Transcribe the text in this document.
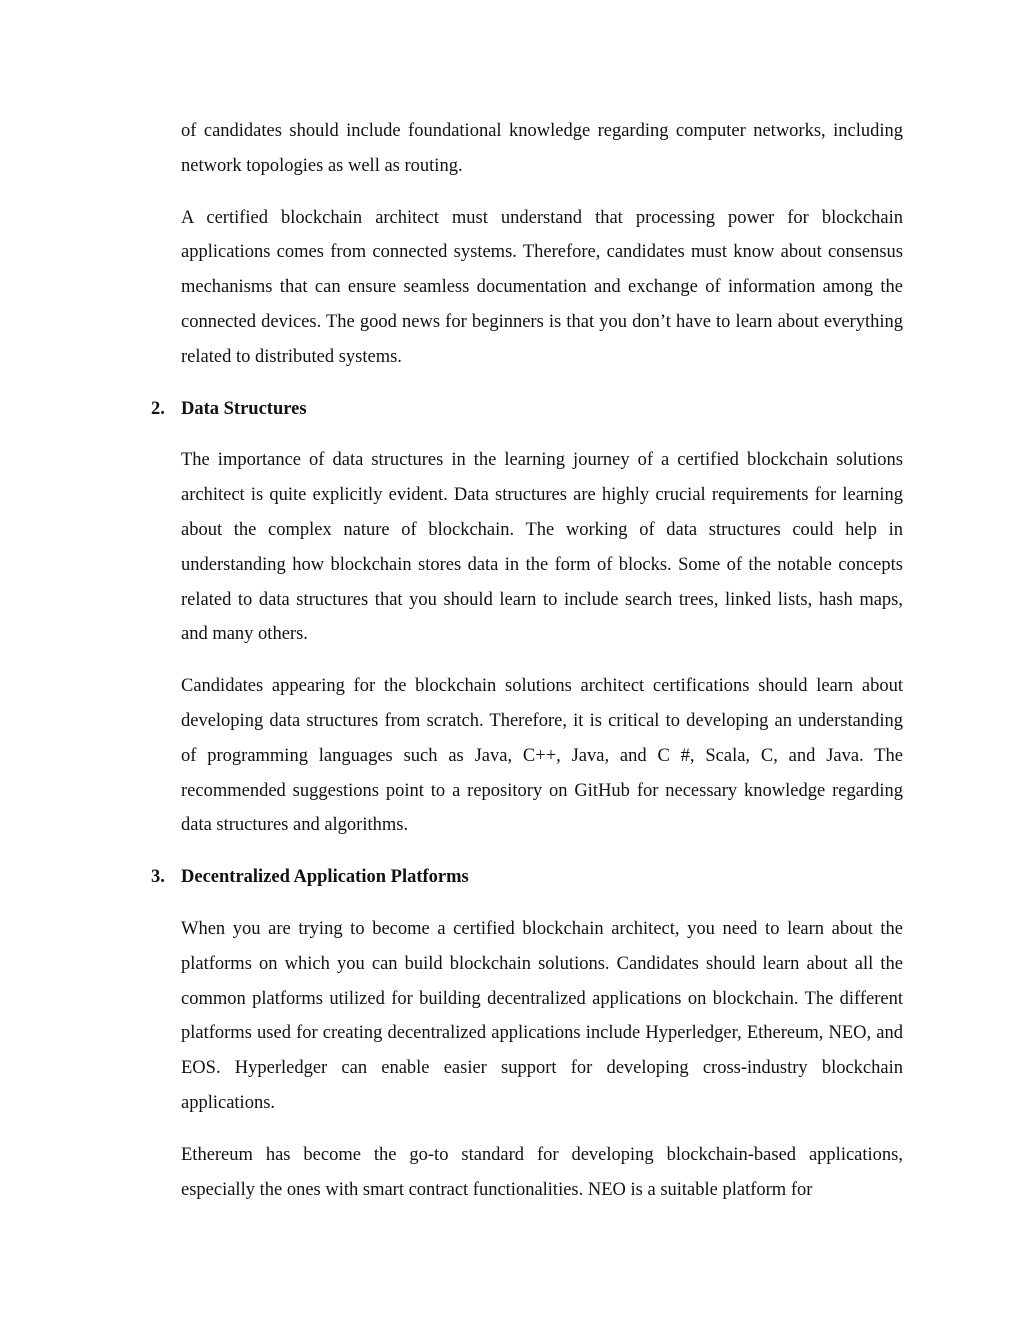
of candidates should include foundational knowledge regarding computer networks, including network topologies as well as routing.

A certified blockchain architect must understand that processing power for blockchain applications comes from connected systems. Therefore, candidates must know about consensus mechanisms that can ensure seamless documentation and exchange of information among the connected devices. The good news for beginners is that you don’t have to learn about everything related to distributed systems.

2. Data Structures

The importance of data structures in the learning journey of a certified blockchain solutions architect is quite explicitly evident. Data structures are highly crucial requirements for learning about the complex nature of blockchain. The working of data structures could help in understanding how blockchain stores data in the form of blocks. Some of the notable concepts related to data structures that you should learn to include search trees, linked lists, hash maps, and many others.

Candidates appearing for the blockchain solutions architect certifications should learn about developing data structures from scratch. Therefore, it is critical to developing an understanding of programming languages such as Java, C++, Java, and C #, Scala, C, and Java. The recommended suggestions point to a repository on GitHub for necessary knowledge regarding data structures and algorithms.

3. Decentralized Application Platforms

When you are trying to become a certified blockchain architect, you need to learn about the platforms on which you can build blockchain solutions. Candidates should learn about all the common platforms utilized for building decentralized applications on blockchain. The different platforms used for creating decentralized applications include Hyperledger, Ethereum, NEO, and EOS. Hyperledger can enable easier support for developing cross-industry blockchain applications.

Ethereum has become the go-to standard for developing blockchain-based applications, especially the ones with smart contract functionalities. NEO is a suitable platform for
